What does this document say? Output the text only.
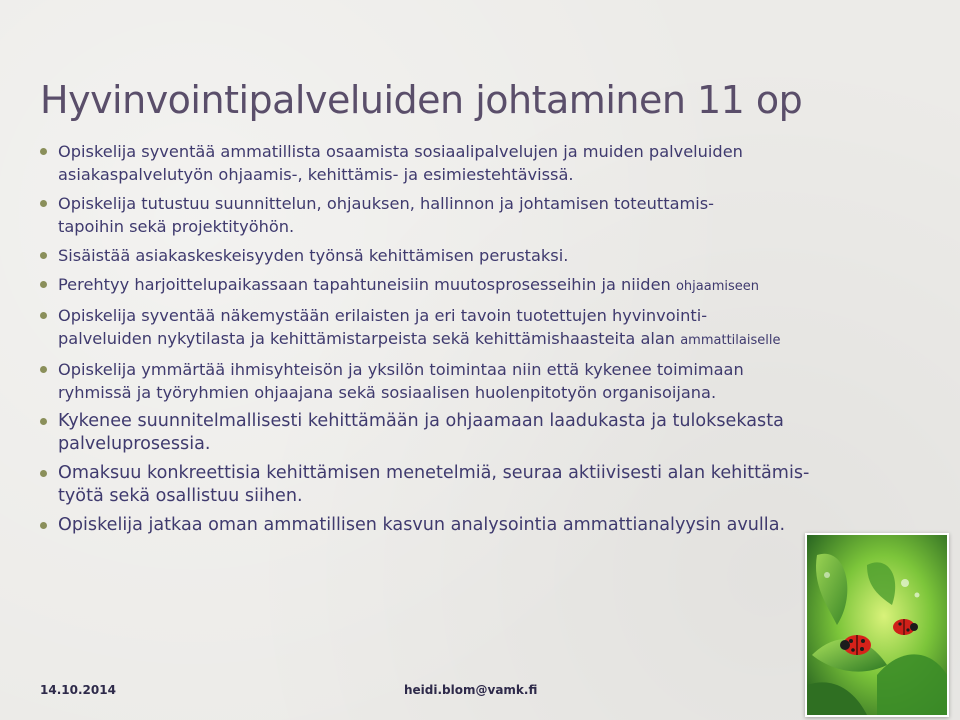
Hyvinvointipalveluiden johtaminen 11 op
Opiskelija syventää ammatillista osaamista sosiaalipalvelujen ja muiden palveluiden
asiakaspalvelutyön ohjaamis-, kehittämis- ja esimiestehtävissä.
Opiskelija tutustuu suunnittelun, ohjauksen, hallinnon ja johtamisen toteuttamis-
tapoihin sekä projektityöhön.
Sisäistää asiakaskeskeisyyden työnsä kehittämisen perustaksi.
Perehtyy harjoittelupaikassaan tapahtuneisiin muutosprosesseihin ja niiden ohjaamiseen
Opiskelija syventää näkemystään erilaisten ja eri tavoin tuotettujen hyvinvointi-
palveluiden nykytilasta ja kehittämistarpeista sekä kehittämishaasteita alan ammattilaiselle
Opiskelija ymmärtää ihmisyhteisön ja yksilön toimintaa niin että kykenee toimimaan
ryhmissä ja työryhmien ohjaajana sekä sosiaalisen huolenpitotyön organisoijana.
Kykenee suunnitelmallisesti kehittämään ja ohjaamaan laadukasta ja tuloksekasta
palveluprosessia.
Omaksuu konkreettisia kehittämisen menetelmiä, seuraa aktiivisesti alan kehittämis-
työtä sekä osallistuu siihen.
Opiskelija jatkaa oman ammatillisen kasvun analysointia ammattianalyysin avulla.
14.10.2014	heidi.blom@vamk.fi
